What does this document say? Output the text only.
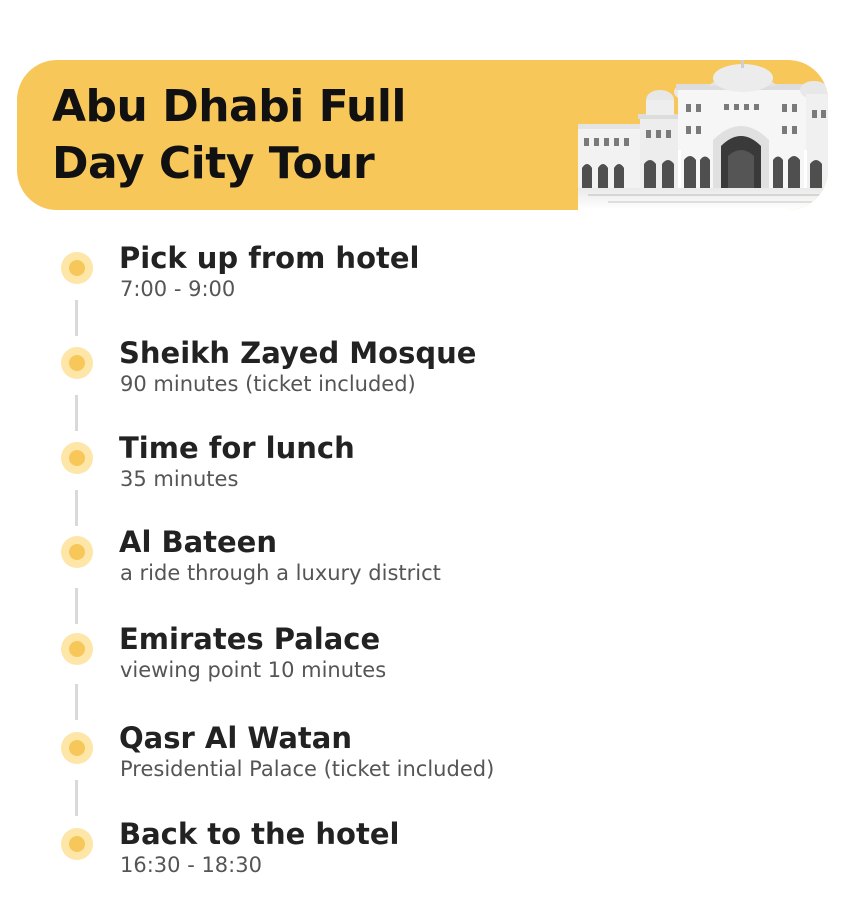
Abu Dhabi Full Day City Tour

Pick up from hotel

7:00 - 9:00

Sheikh Zayed Mosque

90 minutes (ticket included)

Time for lunch

35 minutes

Al Bateen

a ride through a luxury district

Emirates Palace

viewing point 10 minutes

Qasr Al Watan

Presidential Palace (ticket included)

Back to the hotel

16:30 - 18:30
